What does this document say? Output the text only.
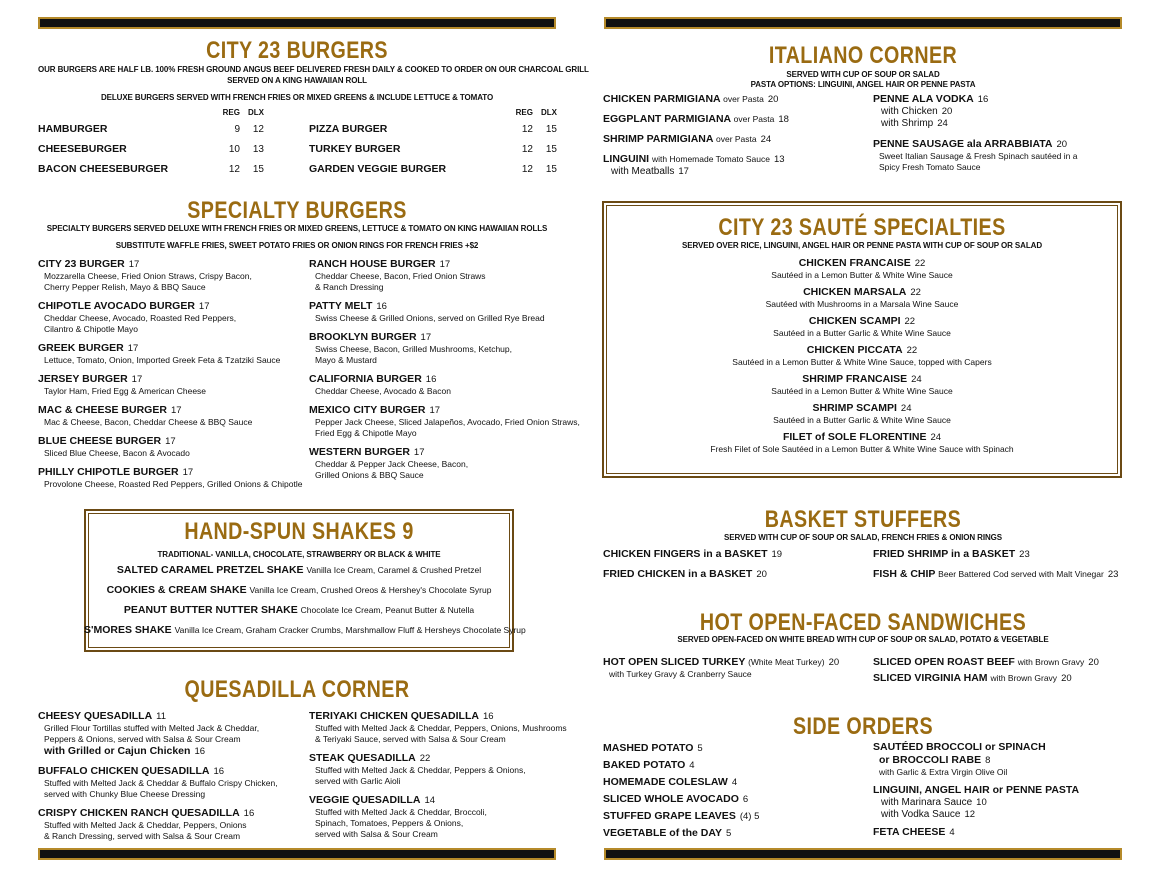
CITY 23 BURGERS
OUR BURGERS ARE HALF LB. 100% FRESH GROUND ANGUS BEEF DELIVERED FRESH DAILY & COOKED TO ORDER ON OUR CHARCOAL GRILL
SERVED ON A KING HAWAIIAN ROLL
DELUXE BURGERS SERVED WITH FRENCH FRIES OR MIXED GREENS & INCLUDE LETTUCE & TOMATO
REG	DLX
HAMBURGER	9	12
CHEESEBURGER	10	13
BACON CHEESEBURGER	12	15
REG	DLX
PIZZA BURGER	12	15
TURKEY BURGER	12	15
GARDEN VEGGIE BURGER	12	15
SPECIALTY BURGERS
SPECIALTY BURGERS SERVED DELUXE WITH FRENCH FRIES OR MIXED GREENS, LETTUCE & TOMATO ON KING HAWAIIAN ROLLS
SUBSTITUTE WAFFLE FRIES, SWEET POTATO FRIES OR ONION RINGS FOR FRENCH FRIES +$2
CITY 23 BURGER 17
Mozzarella Cheese, Fried Onion Straws, Crispy Bacon,
Cherry Pepper Relish, Mayo & BBQ Sauce
CHIPOTLE AVOCADO BURGER 17
Cheddar Cheese, Avocado, Roasted Red Peppers,
Cilantro & Chipotle Mayo
GREEK BURGER 17
Lettuce, Tomato, Onion, Imported Greek Feta & Tzatziki Sauce
JERSEY BURGER 17
Taylor Ham, Fried Egg & American Cheese
MAC & CHEESE BURGER 17
Mac & Cheese, Bacon, Cheddar Cheese & BBQ Sauce
BLUE CHEESE BURGER 17
Sliced Blue Cheese, Bacon & Avocado
PHILLY CHIPOTLE BURGER 17
Provolone Cheese, Roasted Red Peppers, Grilled Onions & Chipotle
RANCH HOUSE BURGER 17
Cheddar Cheese, Bacon, Fried Onion Straws
& Ranch Dressing
PATTY MELT 16
Swiss Cheese & Grilled Onions, served on Grilled Rye Bread
BROOKLYN BURGER 17
Swiss Cheese, Bacon, Grilled Mushrooms, Ketchup,
Mayo & Mustard
CALIFORNIA BURGER 16
Cheddar Cheese, Avocado & Bacon
MEXICO CITY BURGER 17
Pepper Jack Cheese, Sliced Jalapeños, Avocado, Fried Onion Straws,
Fried Egg & Chipotle Mayo
WESTERN BURGER 17
Cheddar & Pepper Jack Cheese, Bacon,
Grilled Onions & BBQ Sauce
HAND-SPUN SHAKES 9
TRADITIONAL- VANILLA, CHOCOLATE, STRAWBERRY OR BLACK & WHITE
SALTED CARAMEL PRETZEL SHAKE Vanilla Ice Cream, Caramel & Crushed Pretzel
COOKIES & CREAM SHAKE Vanilla Ice Cream, Crushed Oreos & Hershey's Chocolate Syrup
PEANUT BUTTER NUTTER SHAKE Chocolate Ice Cream, Peanut Butter & Nutella
S'MORES SHAKE Vanilla Ice Cream, Graham Cracker Crumbs, Marshmallow Fluff & Hersheys Chocolate Syrup
QUESADILLA CORNER
CHEESY QUESADILLA 11
Grilled Flour Tortillas stuffed with Melted Jack & Cheddar,
Peppers & Onions, served with Salsa & Sour Cream
with Grilled or Cajun Chicken 16
BUFFALO CHICKEN QUESADILLA 16
Stuffed with Melted Jack & Cheddar & Buffalo Crispy Chicken,
served with Chunky Blue Cheese Dressing
CRISPY CHICKEN RANCH QUESADILLA 16
Stuffed with Melted Jack & Cheddar, Peppers, Onions
& Ranch Dressing, served with Salsa & Sour Cream
TERIYAKI CHICKEN QUESADILLA 16
Stuffed with Melted Jack & Cheddar, Peppers, Onions, Mushrooms
& Teriyaki Sauce, served with Salsa & Sour Cream
STEAK QUESADILLA 22
Stuffed with Melted Jack & Cheddar, Peppers & Onions,
served with Garlic Aioli
VEGGIE QUESADILLA 14
Stuffed with Melted Jack & Cheddar, Broccoli,
Spinach, Tomatoes, Peppers & Onions,
served with Salsa & Sour Cream
ITALIANO CORNER
SERVED WITH CUP OF SOUP OR SALAD
PASTA OPTIONS: LINGUINI, ANGEL HAIR OR PENNE PASTA
CHICKEN PARMIGIANA over Pasta 20
EGGPLANT PARMIGIANA over Pasta 18
SHRIMP PARMIGIANA over Pasta 24
LINGUINI with Homemade Tomato Sauce 13
with Meatballs 17
PENNE ALA VODKA 16
with Chicken 20
with Shrimp 24
PENNE SAUSAGE ala ARRABBIATA 20
Sweet Italian Sausage & Fresh Spinach sautéed in a
Spicy Fresh Tomato Sauce
CITY 23 SAUTÉ SPECIALTIES
SERVED OVER RICE, LINGUINI, ANGEL HAIR OR PENNE PASTA WITH CUP OF SOUP OR SALAD
CHICKEN FRANCAISE 22
Sautéed in a Lemon Butter & White Wine Sauce
CHICKEN MARSALA 22
Sautéed with Mushrooms in a Marsala Wine Sauce
CHICKEN SCAMPI 22
Sautéed in a Butter Garlic & White Wine Sauce
CHICKEN PICCATA 22
Sautéed in a Lemon Butter & White Wine Sauce, topped with Capers
SHRIMP FRANCAISE 24
Sautéed in a Lemon Butter & White Wine Sauce
SHRIMP SCAMPI 24
Sautéed in a Butter Garlic & White Wine Sauce
FILET of SOLE FLORENTINE 24
Fresh Filet of Sole Sautéed in a Lemon Butter & White Wine Sauce with Spinach
BASKET STUFFERS
SERVED WITH CUP OF SOUP OR SALAD, FRENCH FRIES & ONION RINGS
CHICKEN FINGERS in a BASKET 19
FRIED CHICKEN in a BASKET 20
FRIED SHRIMP in a BASKET 23
FISH & CHIP Beer Battered Cod served with Malt Vinegar 23
HOT OPEN-FACED SANDWICHES
SERVED OPEN-FACED ON WHITE BREAD WITH CUP OF SOUP OR SALAD, POTATO & VEGETABLE
HOT OPEN SLICED TURKEY (White Meat Turkey) 20
with Turkey Gravy & Cranberry Sauce
SLICED OPEN ROAST BEEF with Brown Gravy 20
SLICED VIRGINIA HAM with Brown Gravy 20
SIDE ORDERS
MASHED POTATO 5
BAKED POTATO 4
HOMEMADE COLESLAW 4
SLICED WHOLE AVOCADO 6
STUFFED GRAPE LEAVES (4) 5
VEGETABLE of the DAY 5
SAUTÉED BROCCOLI or SPINACH
or BROCCOLI RABE 8
with Garlic & Extra Virgin Olive Oil
LINGUINI, ANGEL HAIR or PENNE PASTA
with Marinara Sauce 10
with Vodka Sauce 12
FETA CHEESE 4
